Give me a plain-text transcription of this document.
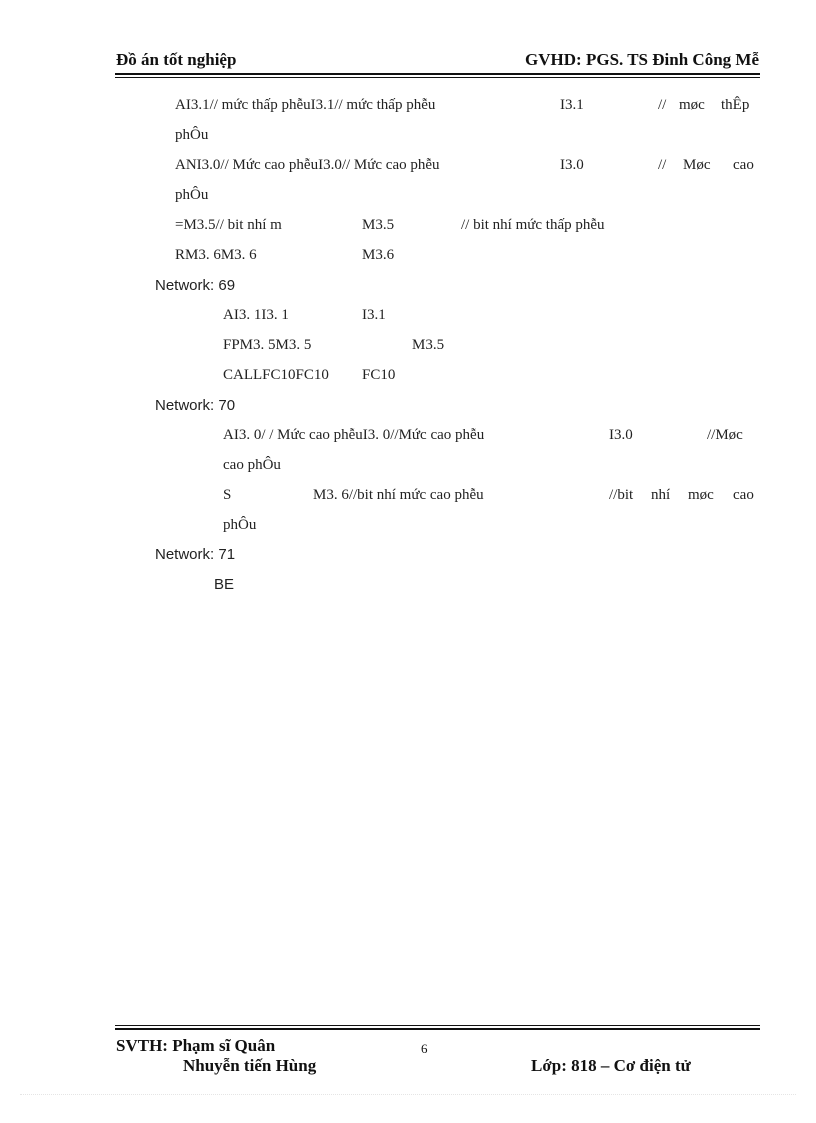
Đồ án tốt nghiệp	GVHD: PGS. TS Đinh Công Mễ
AI3.1// mức thấp phễuI3.1// mức thấp phễu	I3.1	// møc thÊp
phÔu
ANI3.0// Mức cao phễuI3.0// Mức cao phễu	I3.0	// Møc cao
phÔu
=M3.5// bit nhí m	M3.5	// bit nhí mức thấp phễu
RM3. 6M3. 6	M3.6
Network: 69
AI3. 1I3. 1	I3.1
FPM3. 5M3. 5	M3.5
CALLFC10FC10 FC10
Network: 70
AI3. 0/ / Mức cao phễuI3. 0//Mức cao phễu	I3.0	//Møc
cao phÔu
S	M3. 6//bit nhí mức cao phễu	//bit nhí møc cao
phÔu
Network: 71
BE
SVTH: Phạm sĩ Quân	6
Nhuyễn tiến Hùng	Lớp: 818 – Cơ điện tử
